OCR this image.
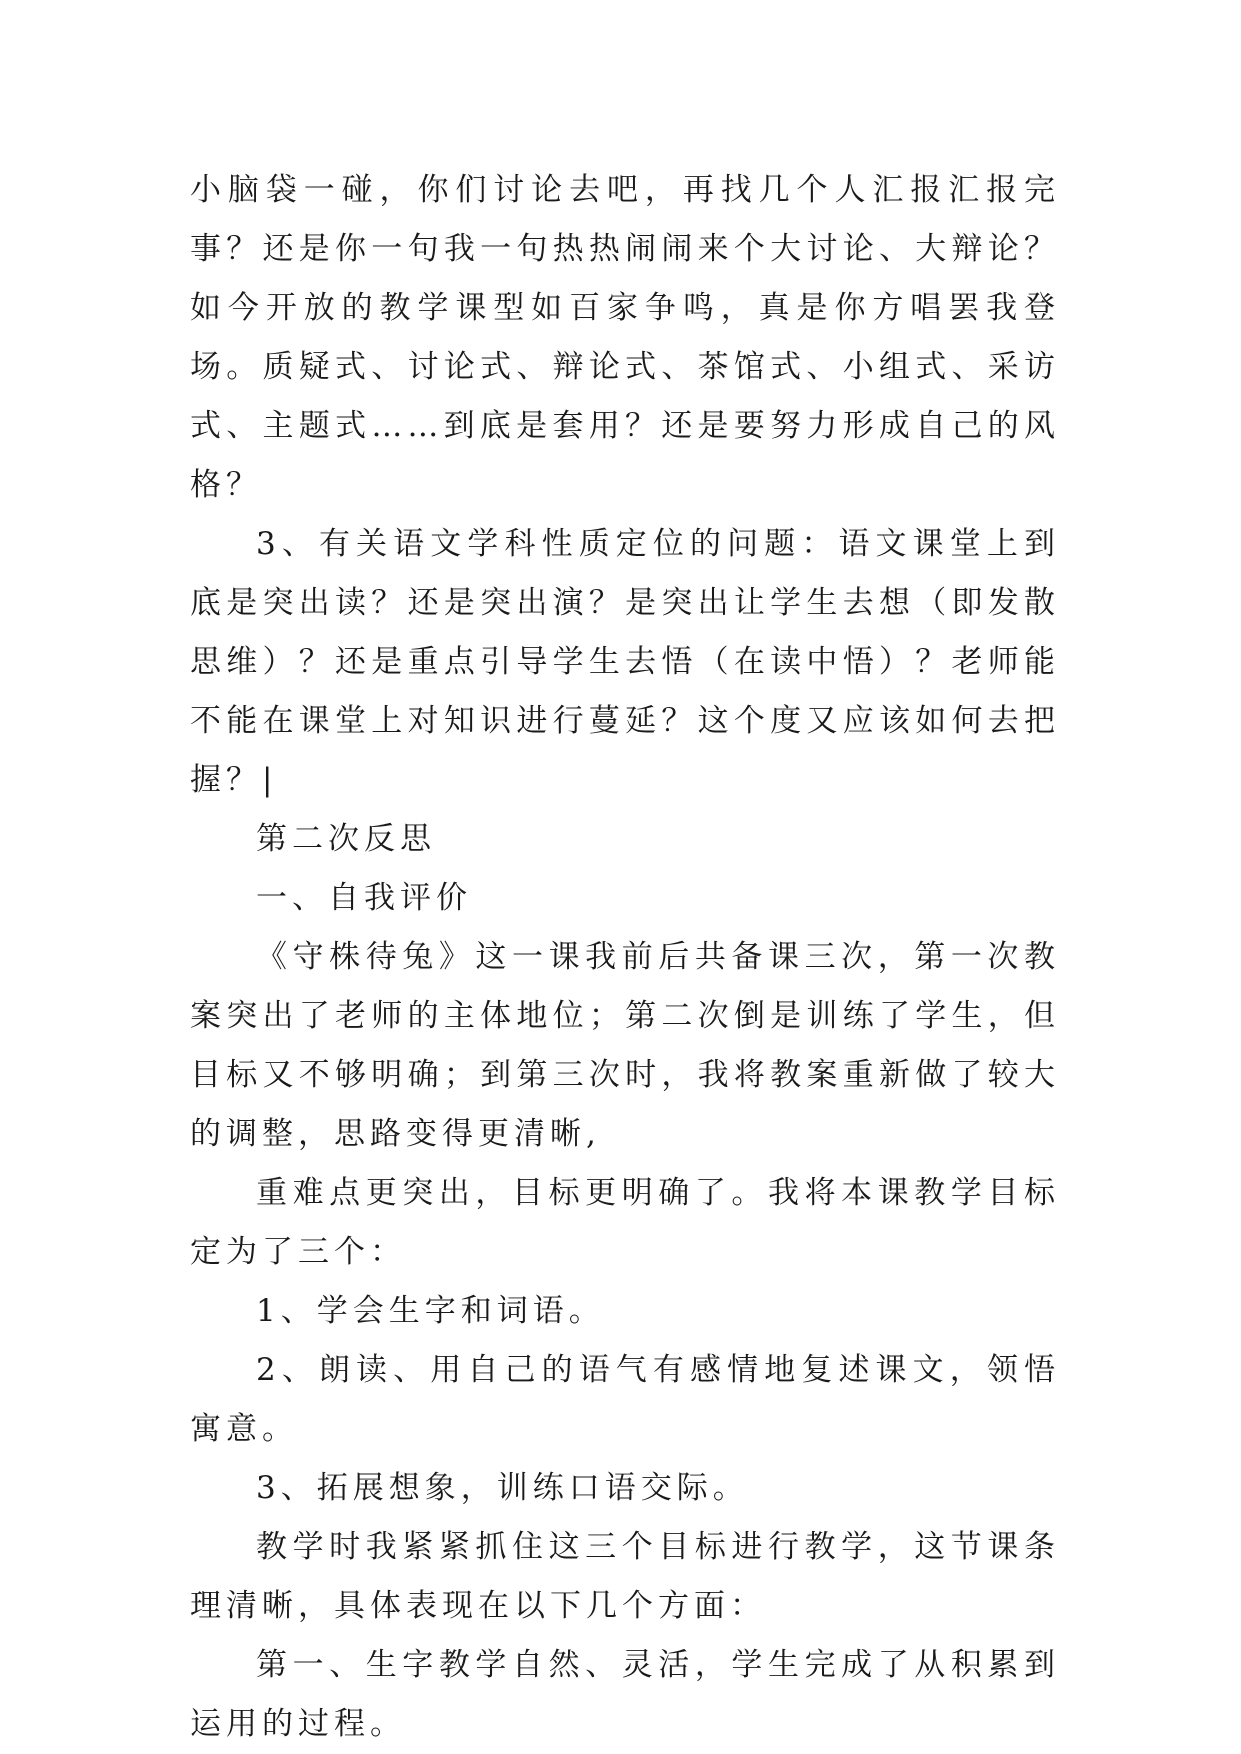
小脑袋一碰，你们讨论去吧，再找几个人汇报汇报完事？还是你一句我一句热热闹闹来个大讨论、大辩论？如今开放的教学课型如百家争鸣，真是你方唱罢我登场。质疑式、讨论式、辩论式、茶馆式、小组式、采访式、主题式……到底是套用？还是要努力形成自己的风格？

3、有关语文学科性质定位的问题：语文课堂上到底是突出读？还是突出演？是突出让学生去想（即发散思维）？还是重点引导学生去悟（在读中悟）？老师能不能在课堂上对知识进行蔓延？这个度又应该如何去把握？|

第二次反思

一、自我评价

《守株待兔》这一课我前后共备课三次，第一次教案突出了老师的主体地位；第二次倒是训练了学生，但目标又不够明确；到第三次时，我将教案重新做了较大的调整，思路变得更清晰,

重难点更突出，目标更明确了。我将本课教学目标定为了三个：

1、学会生字和词语。

2、朗读、用自己的语气有感情地复述课文，领悟寓意。

3、拓展想象，训练口语交际。

教学时我紧紧抓住这三个目标进行教学，这节课条理清晰，具体表现在以下几个方面：

第一、生字教学自然、灵活，学生完成了从积累到运用的过程。
